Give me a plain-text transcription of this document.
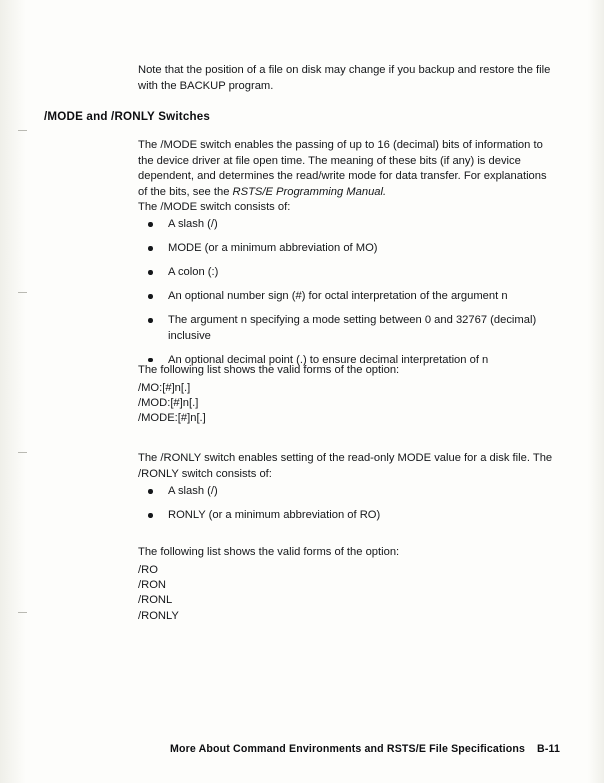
Note that the position of a file on disk may change if you backup and restore the file with the BACKUP program.

/MODE and /RONLY Switches

The /MODE switch enables the passing of up to 16 (decimal) bits of information to the device driver at file open time. The meaning of these bits (if any) is device dependent, and determines the read/write mode for data transfer. For explanations of the bits, see the RSTS/E Programming Manual.

The /MODE switch consists of:

A slash (/)
MODE (or a minimum abbreviation of MO)
A colon (:)
An optional number sign (#) for octal interpretation of the argument n
The argument n specifying a mode setting between 0 and 32767 (decimal) inclusive
An optional decimal point (.) to ensure decimal interpretation of n

The following list shows the valid forms of the option:

/MO:[#]n[.]
/MOD:[#]n[.]
/MODE:[#]n[.]

The /RONLY switch enables setting of the read-only MODE value for a disk file. The /RONLY switch consists of:

A slash (/)
RONLY (or a minimum abbreviation of RO)

The following list shows the valid forms of the option:

/RO
/RON
/RONL
/RONLY
More About Command Environments and RSTS/E File Specifications B-11
